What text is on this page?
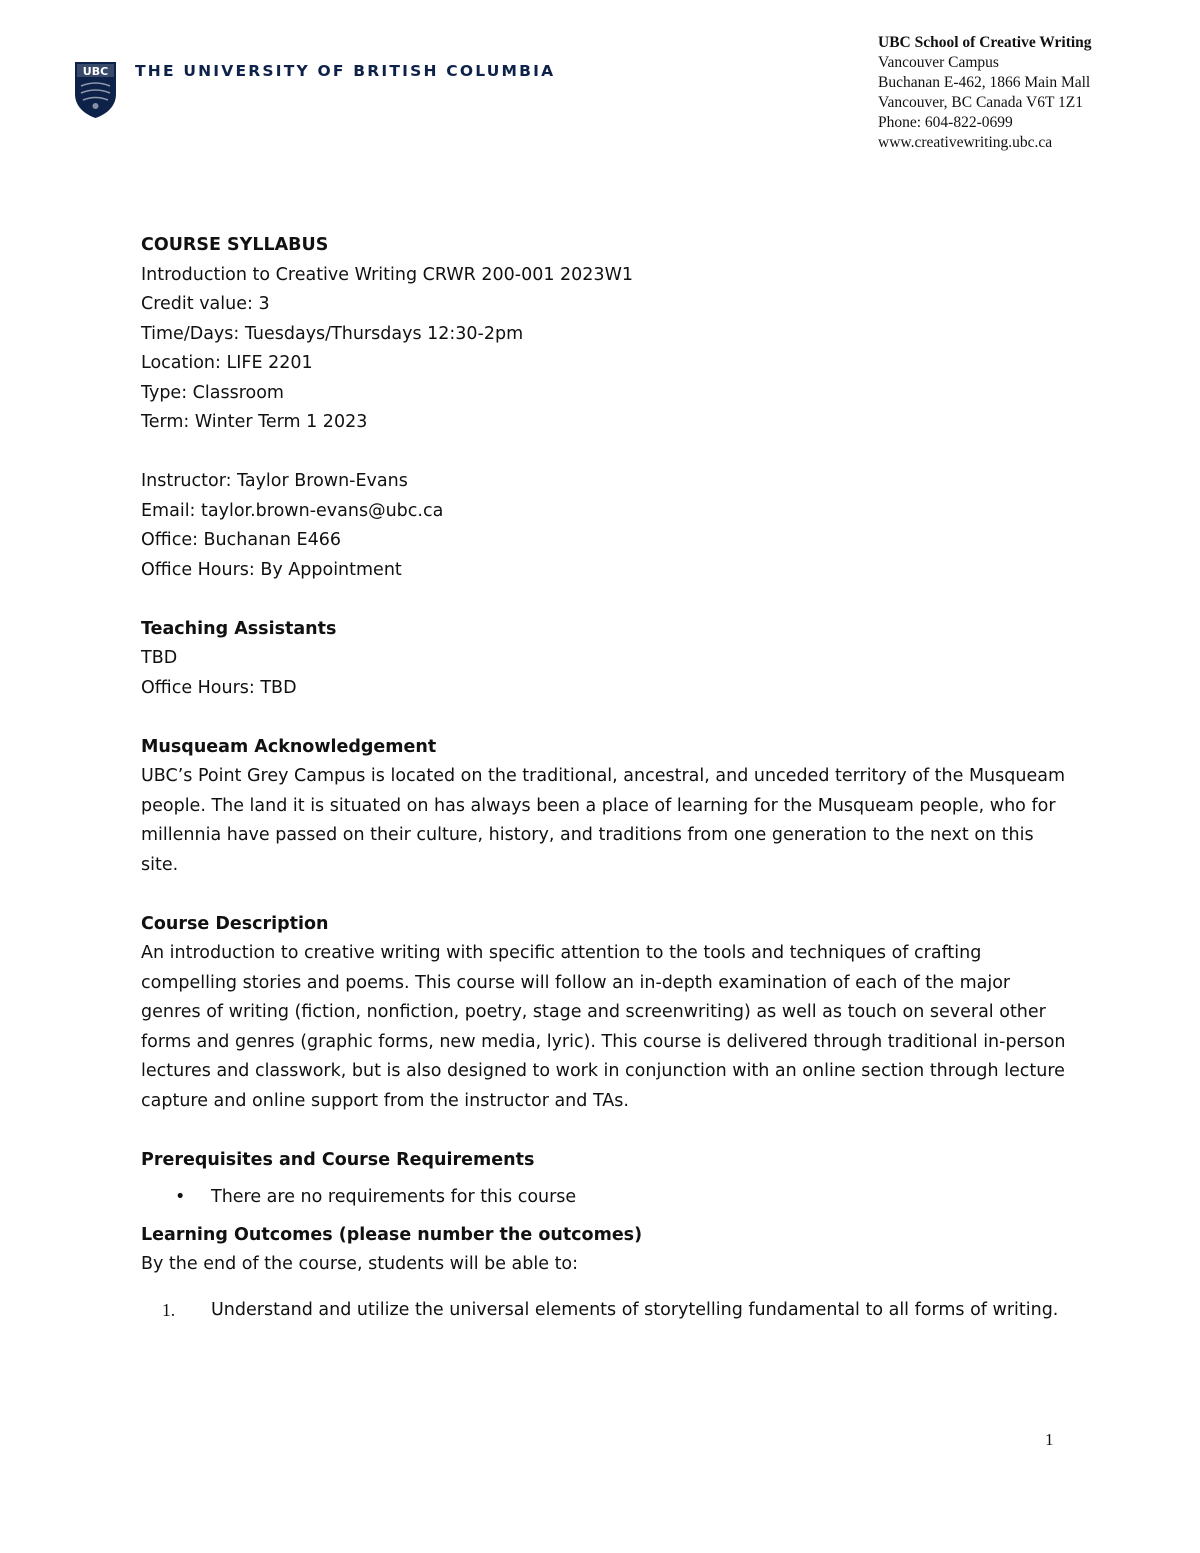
UBC THE UNIVERSITY OF BRITISH COLUMBIA
UBC School of Creative Writing
Vancouver Campus
Buchanan E-462, 1866 Main Mall
Vancouver, BC Canada V6T 1Z1
Phone: 604-822-0699
www.creativewriting.ubc.ca
COURSE SYLLABUS
Introduction to Creative Writing CRWR 200-001 2023W1
Credit value: 3
Time/Days: Tuesdays/Thursdays 12:30-2pm
Location: LIFE 2201
Type: Classroom
Term: Winter Term 1 2023
Instructor: Taylor Brown-Evans
Email: taylor.brown-evans@ubc.ca
Office: Buchanan E466
Office Hours: By Appointment
Teaching Assistants
TBD
Office Hours: TBD
Musqueam Acknowledgement
UBC’s Point Grey Campus is located on the traditional, ancestral, and unceded territory of the Musqueam people. The land it is situated on has always been a place of learning for the Musqueam people, who for millennia have passed on their culture, history, and traditions from one generation to the next on this site.
Course Description
An introduction to creative writing with specific attention to the tools and techniques of crafting compelling stories and poems. This course will follow an in-depth examination of each of the major genres of writing (fiction, nonfiction, poetry, stage and screenwriting) as well as touch on several other forms and genres (graphic forms, new media, lyric). This course is delivered through traditional in-person lectures and classwork, but is also designed to work in conjunction with an online section through lecture capture and online support from the instructor and TAs.
Prerequisites and Course Requirements
• There are no requirements for this course
Learning Outcomes (please number the outcomes)
By the end of the course, students will be able to:
1. Understand and utilize the universal elements of storytelling fundamental to all forms of writing.
1
